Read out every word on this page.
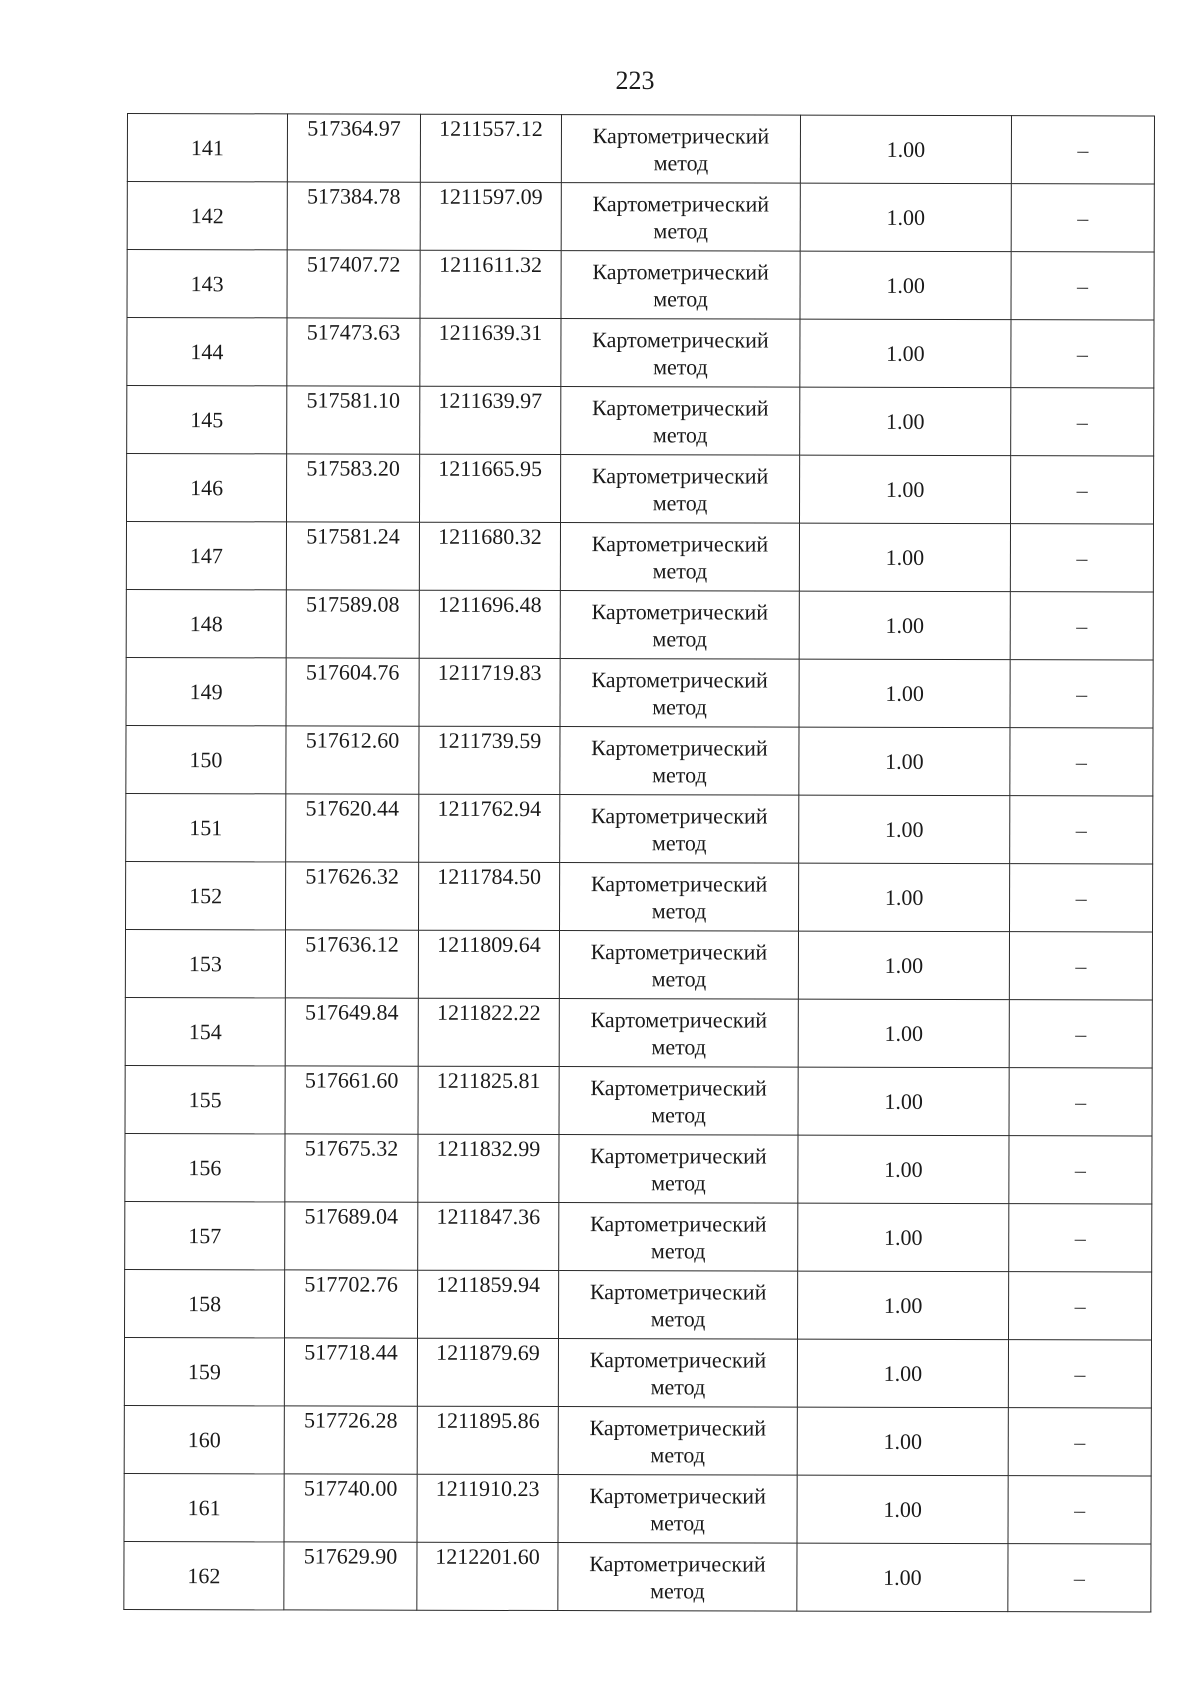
223
141	517364.97	1211557.12	Картометрический
метод	1.00	–
142	517384.78	1211597.09	Картометрический
метод	1.00	–
143	517407.72	1211611.32	Картометрический
метод	1.00	–
144	517473.63	1211639.31	Картометрический
метод	1.00	–
145	517581.10	1211639.97	Картометрический
метод	1.00	–
146	517583.20	1211665.95	Картометрический
метод	1.00	–
147	517581.24	1211680.32	Картометрический
метод	1.00	–
148	517589.08	1211696.48	Картометрический
метод	1.00	–
149	517604.76	1211719.83	Картометрический
метод	1.00	–
150	517612.60	1211739.59	Картометрический
метод	1.00	–
151	517620.44	1211762.94	Картометрический
метод	1.00	–
152	517626.32	1211784.50	Картометрический
метод	1.00	–
153	517636.12	1211809.64	Картометрический
метод	1.00	–
154	517649.84	1211822.22	Картометрический
метод	1.00	–
155	517661.60	1211825.81	Картометрический
метод	1.00	–
156	517675.32	1211832.99	Картометрический
метод	1.00	–
157	517689.04	1211847.36	Картометрический
метод	1.00	–
158	517702.76	1211859.94	Картометрический
метод	1.00	–
159	517718.44	1211879.69	Картометрический
метод	1.00	–
160	517726.28	1211895.86	Картометрический
метод	1.00	–
161	517740.00	1211910.23	Картометрический
метод	1.00	–
162	517629.90	1212201.60	Картометрический
метод	1.00	–
